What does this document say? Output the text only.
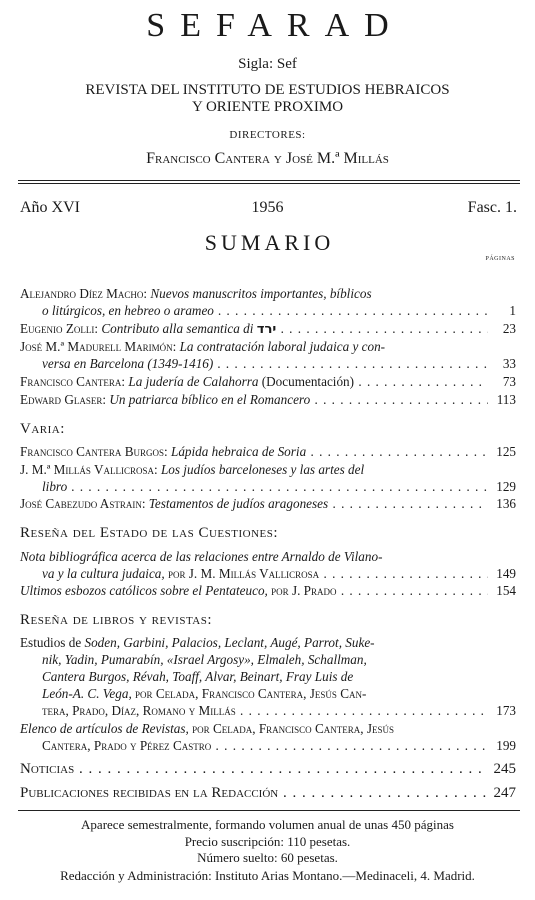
SEFARAD
Sigla: Sef
REVISTA DEL INSTITUTO DE ESTUDIOS HEBRAICOS
Y ORIENTE PROXIMO
DIRECTORES:
Francisco Cantera y José M.ª Millás
Año XVI	1956	Fasc. 1.
SUMARIO
páginas
Alejandro Díez Macho: Nuevos manuscritos importantes, bíblicos
o litúrgicos, en hebreo o arameo . . .	1
Eugenio Zolli: Contributo alla semantica di ירד . . .	23
José M.ª Madurell Marimón: La contratación laboral judaica y con-
versa en Barcelona (1349-1416) . . .	33
Francisco Cantera: La judería de Calahorra (Documentación) . . .	73
Edward Glaser: Un patriarca bíblico en el Romancero . . .	113
Varia:
Francisco Cantera Burgos: Lápida hebraica de Soria . . .	125
J. M.ª Millás Vallicrosa: Los judíos barceloneses y las artes del
libro . . .	129
José Cabezudo Astrain: Testamentos de judíos aragoneses . . .	136
Reseña del Estado de las Cuestiones:
Nota bibliográfica acerca de las relaciones entre Arnaldo de Vilano-
va y la cultura judaica, por J. M. Millás Vallicrosa . . .	149
Ultimos esbozos católicos sobre el Pentateuco, por J. Prado . . .	154
Reseña de libros y revistas:
Estudios de Soden, Garbini, Palacios, Leclant, Augé, Parrot, Suke-
nik, Yadin, Pumarabín, «Israel Argosy», Elmaleh, Schallman,
Cantera Burgos, Révah, Toaff, Alvar, Beinart, Fray Luis de
León-A. C. Vega, por Celada, Francisco Cantera, Jesús Can-
tera, Prado, Díaz, Romano y Millás . . .	173
Elenco de artículos de Revistas, por Celada, Francisco Cantera, Jesús
Cantera, Prado y Pérez Castro . . .	199
Noticias . . .	245
Publicaciones recibidas en la Redacción . . .	247
Aparece semestralmente, formando volumen anual de unas 450 páginas
Precio suscripción: 110 pesetas.
Número suelto: 60 pesetas.
Redacción y Administración: Instituto Arias Montano.—Medinaceli, 4. Madrid.
